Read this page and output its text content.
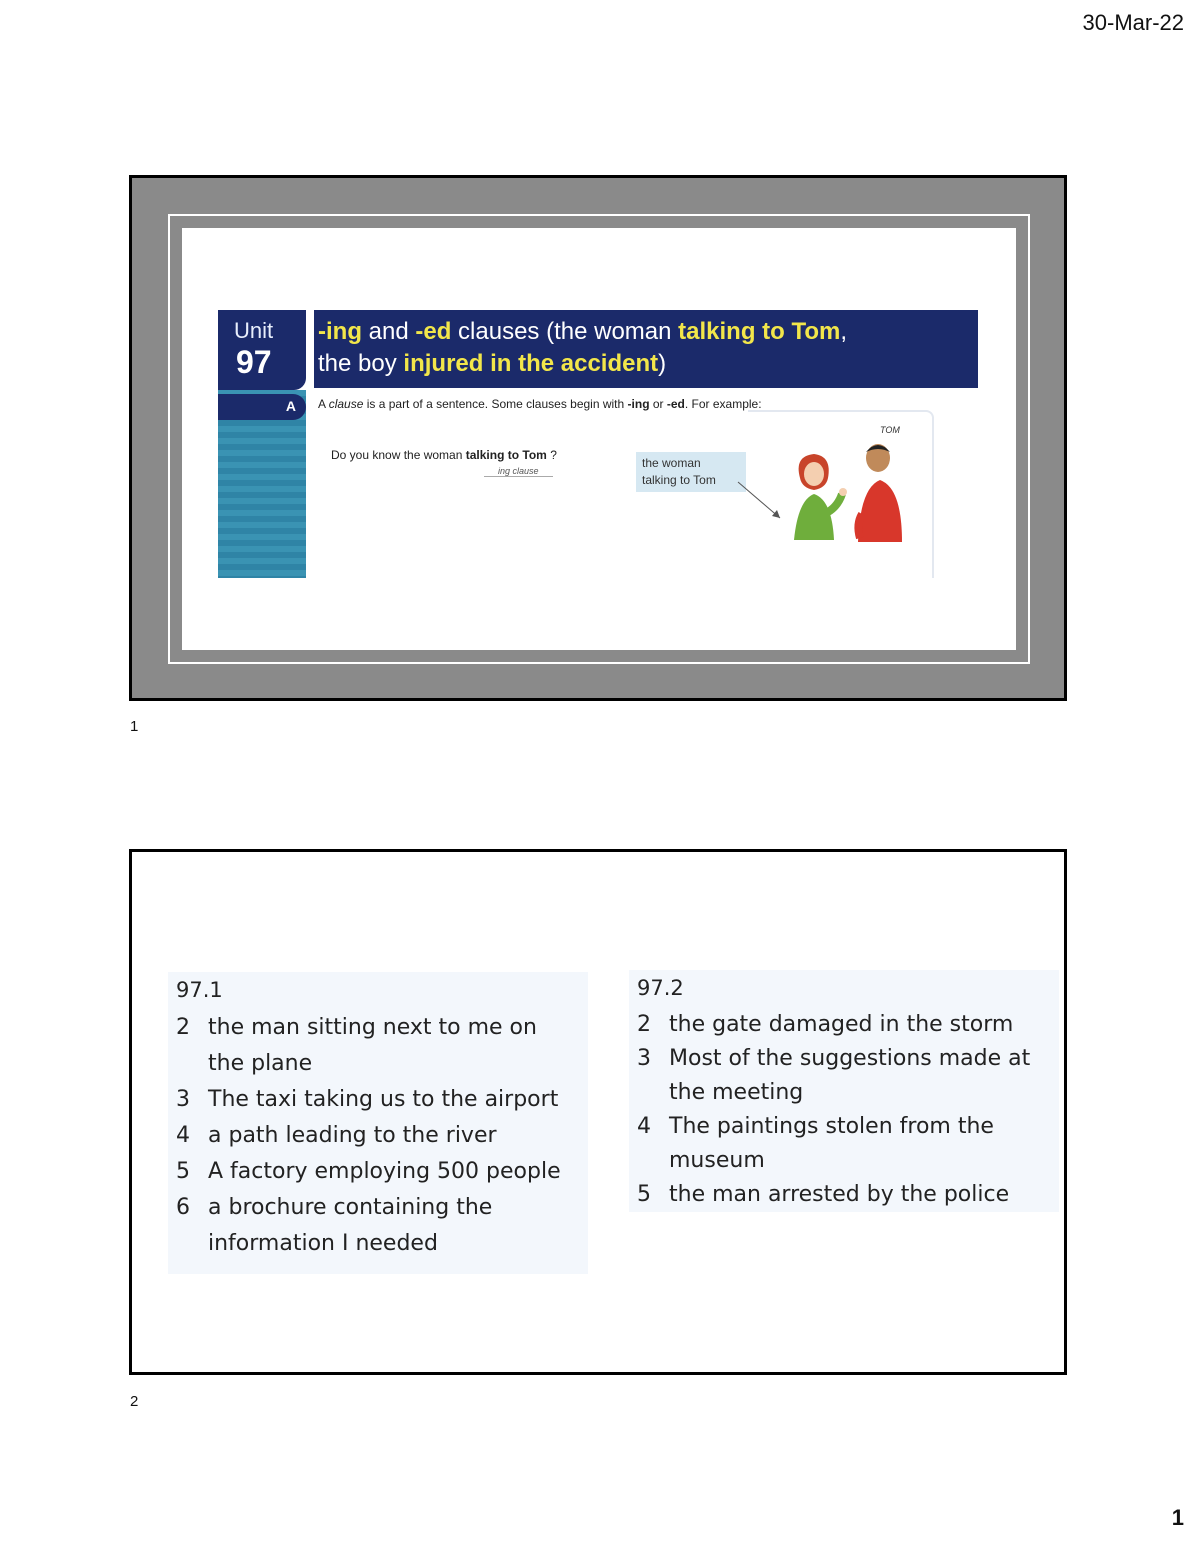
30-Mar-22
Unit
97
A
-ing and -ed clauses (the woman talking to Tom,
the boy injured in the accident)
A clause is a part of a sentence. Some clauses begin with -ing or -ed. For example:
Do you know the woman talking to Tom ?
ing clause
the woman
talking to Tom
TOM
1
97.1
2 the man sitting next to me on the plane
3 The taxi taking us to the airport
4 a path leading to the river
5 A factory employing 500 people
6 a brochure containing the information I needed
97.2
2 the gate damaged in the storm
3 Most of the suggestions made at the meeting
4 The paintings stolen from the museum
5 the man arrested by the police
2
1
